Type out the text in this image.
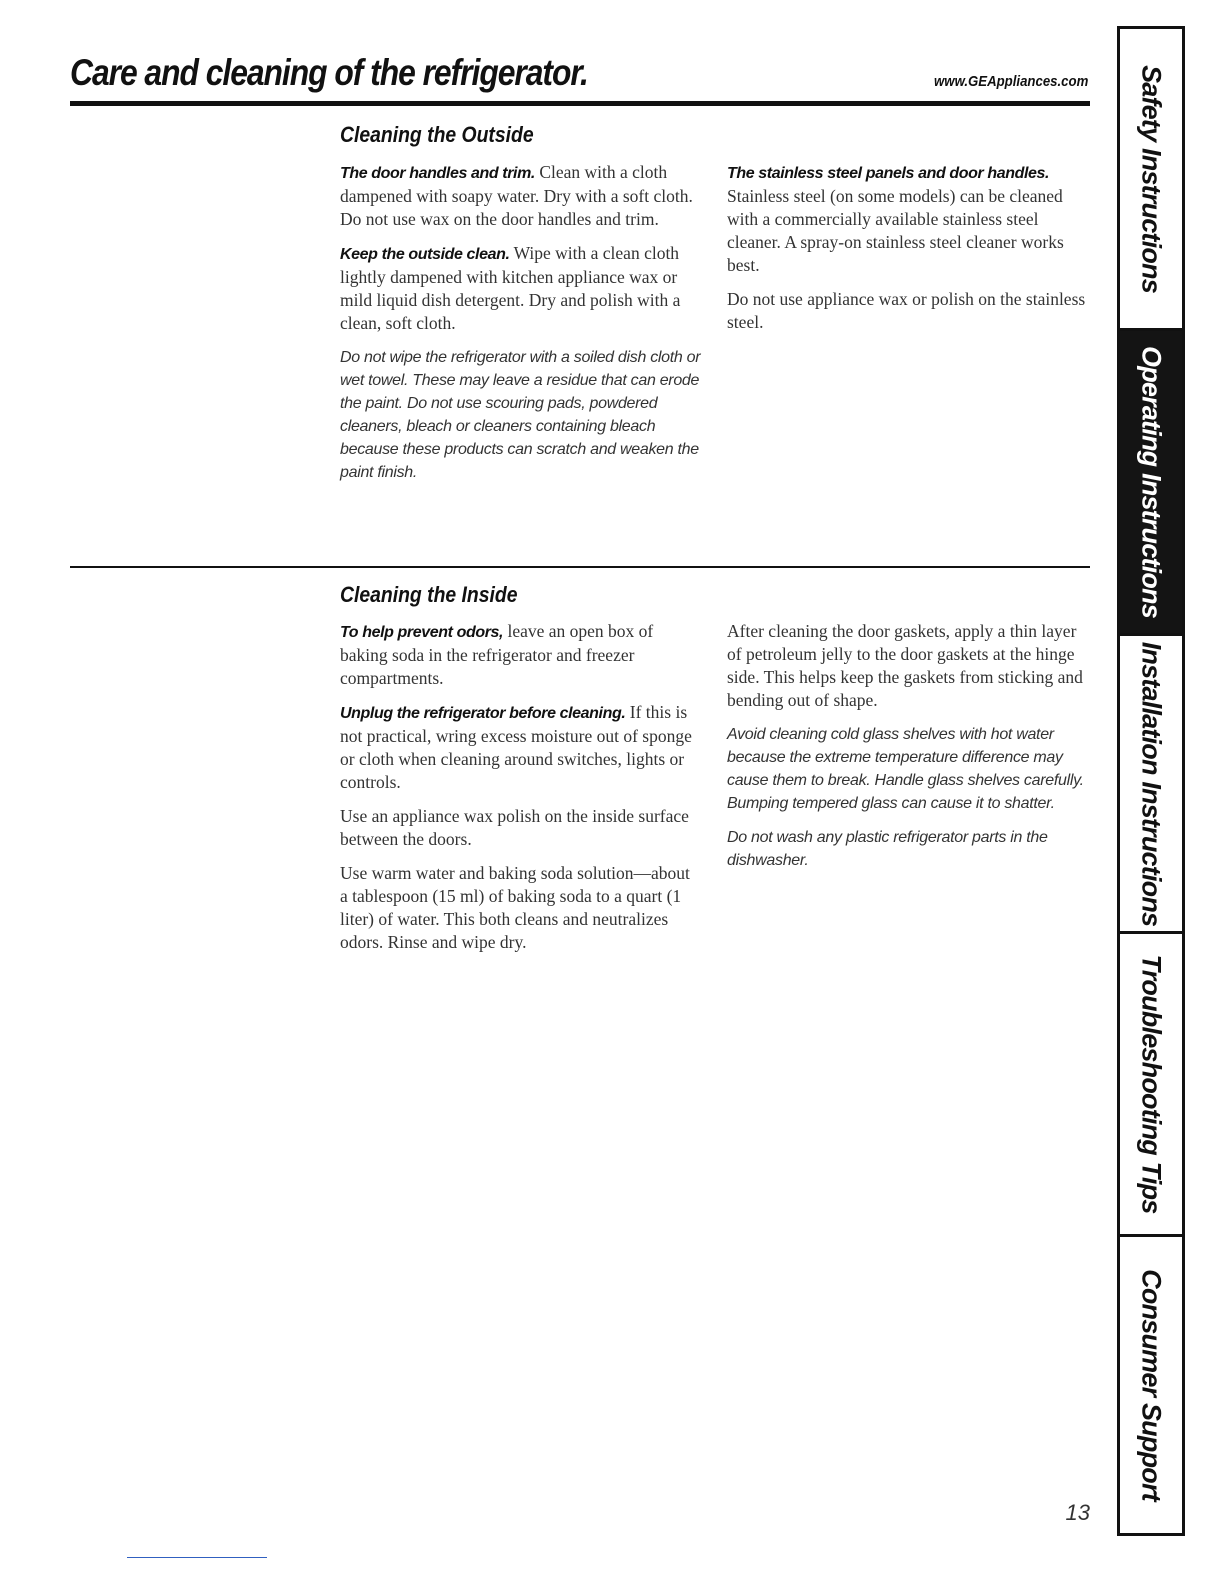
Care and cleaning of the refrigerator.	www.GEAppliances.com
Cleaning the Outside

The door handles and trim. Clean with a cloth dampened with soapy water. Dry with a soft cloth. Do not use wax on the door handles and trim.

Keep the outside clean. Wipe with a clean cloth lightly dampened with kitchen appliance wax or mild liquid dish detergent. Dry and polish with a clean, soft cloth.

Do not wipe the refrigerator with a soiled dish cloth or wet towel. These may leave a residue that can erode the paint. Do not use scouring pads, powdered cleaners, bleach or cleaners containing bleach because these products can scratch and weaken the paint finish.

The stainless steel panels and door handles. Stainless steel (on some models) can be cleaned with a commercially available stainless steel cleaner. A spray-on stainless steel cleaner works best.

Do not use appliance wax or polish on the stainless steel.

Cleaning the Inside

To help prevent odors, leave an open box of baking soda in the refrigerator and freezer compartments.

Unplug the refrigerator before cleaning. If this is not practical, wring excess moisture out of sponge or cloth when cleaning around switches, lights or controls.

Use an appliance wax polish on the inside surface between the doors.

Use warm water and baking soda solution—about a tablespoon (15 ml) of baking soda to a quart (1 liter) of water. This both cleans and neutralizes odors. Rinse and wipe dry.

After cleaning the door gaskets, apply a thin layer of petroleum jelly to the door gaskets at the hinge side. This helps keep the gaskets from sticking and bending out of shape.

Avoid cleaning cold glass shelves with hot water because the extreme temperature difference may cause them to break. Handle glass shelves carefully. Bumping tempered glass can cause it to shatter.

Do not wash any plastic refrigerator parts in the dishwasher.

Safety Instructions
Operating Instructions
Installation Instructions
Troubleshooting Tips
Consumer Support
13
